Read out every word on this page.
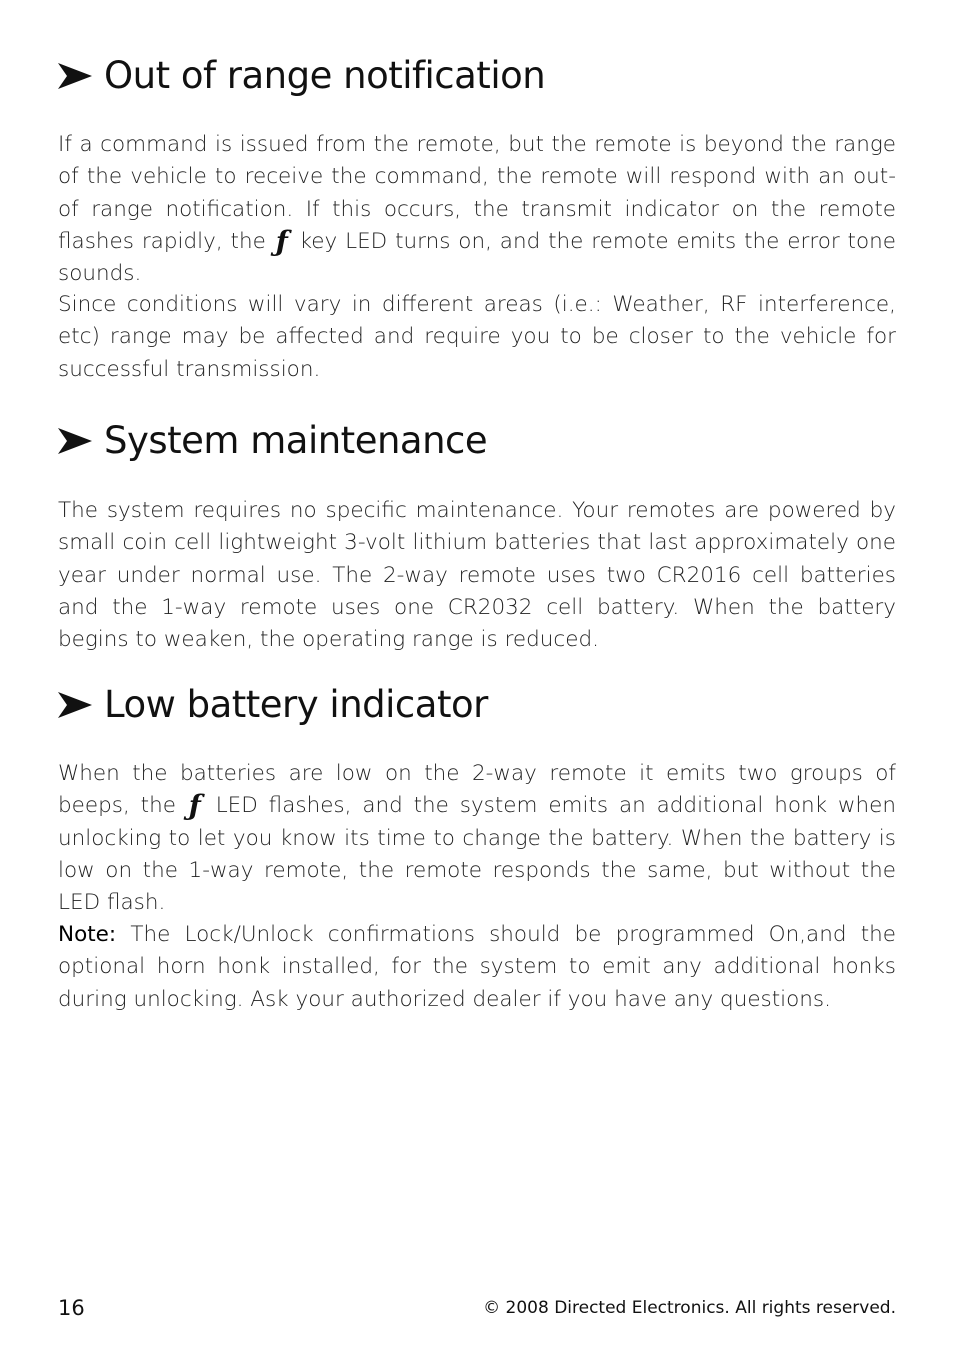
Out of range notification

If a command is issued from the remote, but the remote is beyond the range of the vehicle to receive the command, the remote will respond with an out-of range notification. If this occurs, the transmit indicator on the remote flashes rapidly, the ƒ key LED turns on, and the remote emits the error tone sounds.

Since conditions will vary in different areas (i.e.: Weather, RF interference, etc) range may be affected and require you to be closer to the vehicle for successful transmission.

System maintenance

The system requires no specific maintenance. Your remotes are powered by small coin cell lightweight 3-volt lithium batteries that last approximately one year under normal use. The 2-way remote uses two CR2016 cell batteries and the 1-way remote uses one CR2032 cell battery. When the battery begins to weaken, the operating range is reduced.

Low battery indicator

When the batteries are low on the 2-way remote it emits two groups of beeps, the ƒ LED flashes, and the system emits an additional honk when unlocking to let you know its time to change the battery. When the battery is low on the 1-way remote, the remote responds the same, but without the LED flash.

Note: The Lock/Unlock confirmations should be programmed On,and the optional horn honk installed, for the system to emit any additional honks during unlocking. Ask your authorized dealer if you have any questions.

16	© 2008 Directed Electronics. All rights reserved.
